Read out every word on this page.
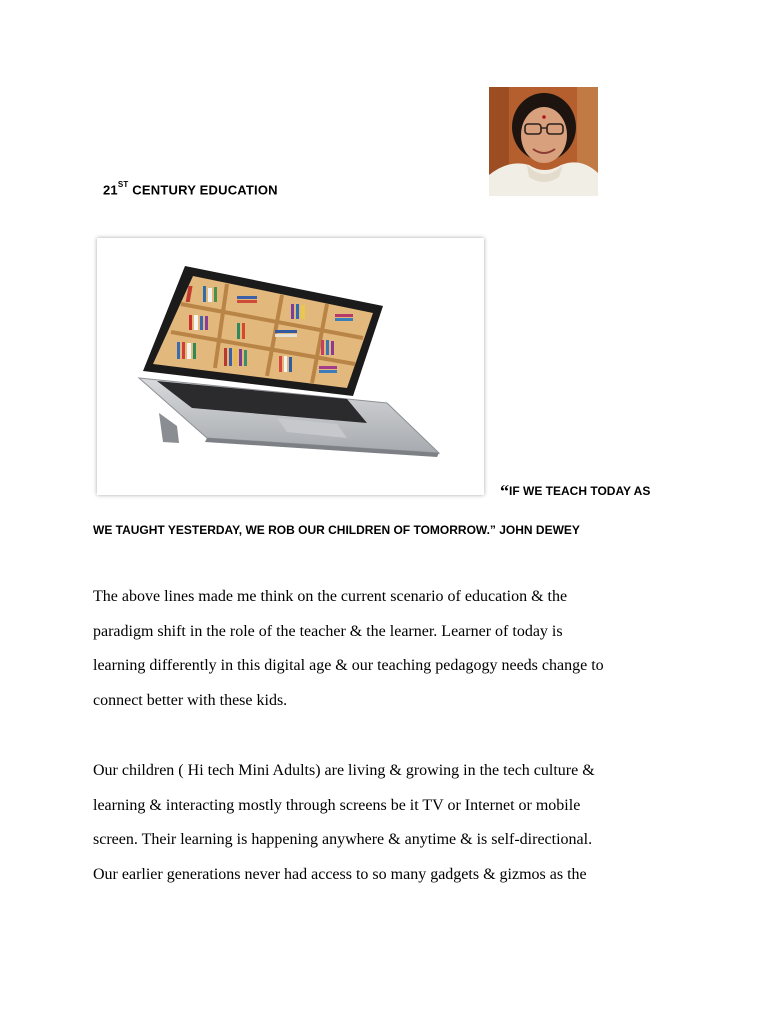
21ST CENTURY EDUCATION
“IF WE TEACH TODAY AS
WE TAUGHT YESTERDAY, WE ROB OUR CHILDREN OF TOMORROW.” JOHN DEWEY
The above lines made me think on the current scenario of education & the
paradigm shift in the role of the teacher & the learner. Learner of today is
learning differently in this digital age & our teaching pedagogy needs change to
connect better with these kids.
Our children ( Hi tech Mini Adults) are living & growing in the tech culture &
learning & interacting mostly through screens be it TV or Internet or mobile
screen. Their learning is happening anywhere & anytime & is self-directional.
Our earlier generations never had access to so many gadgets & gizmos as the
